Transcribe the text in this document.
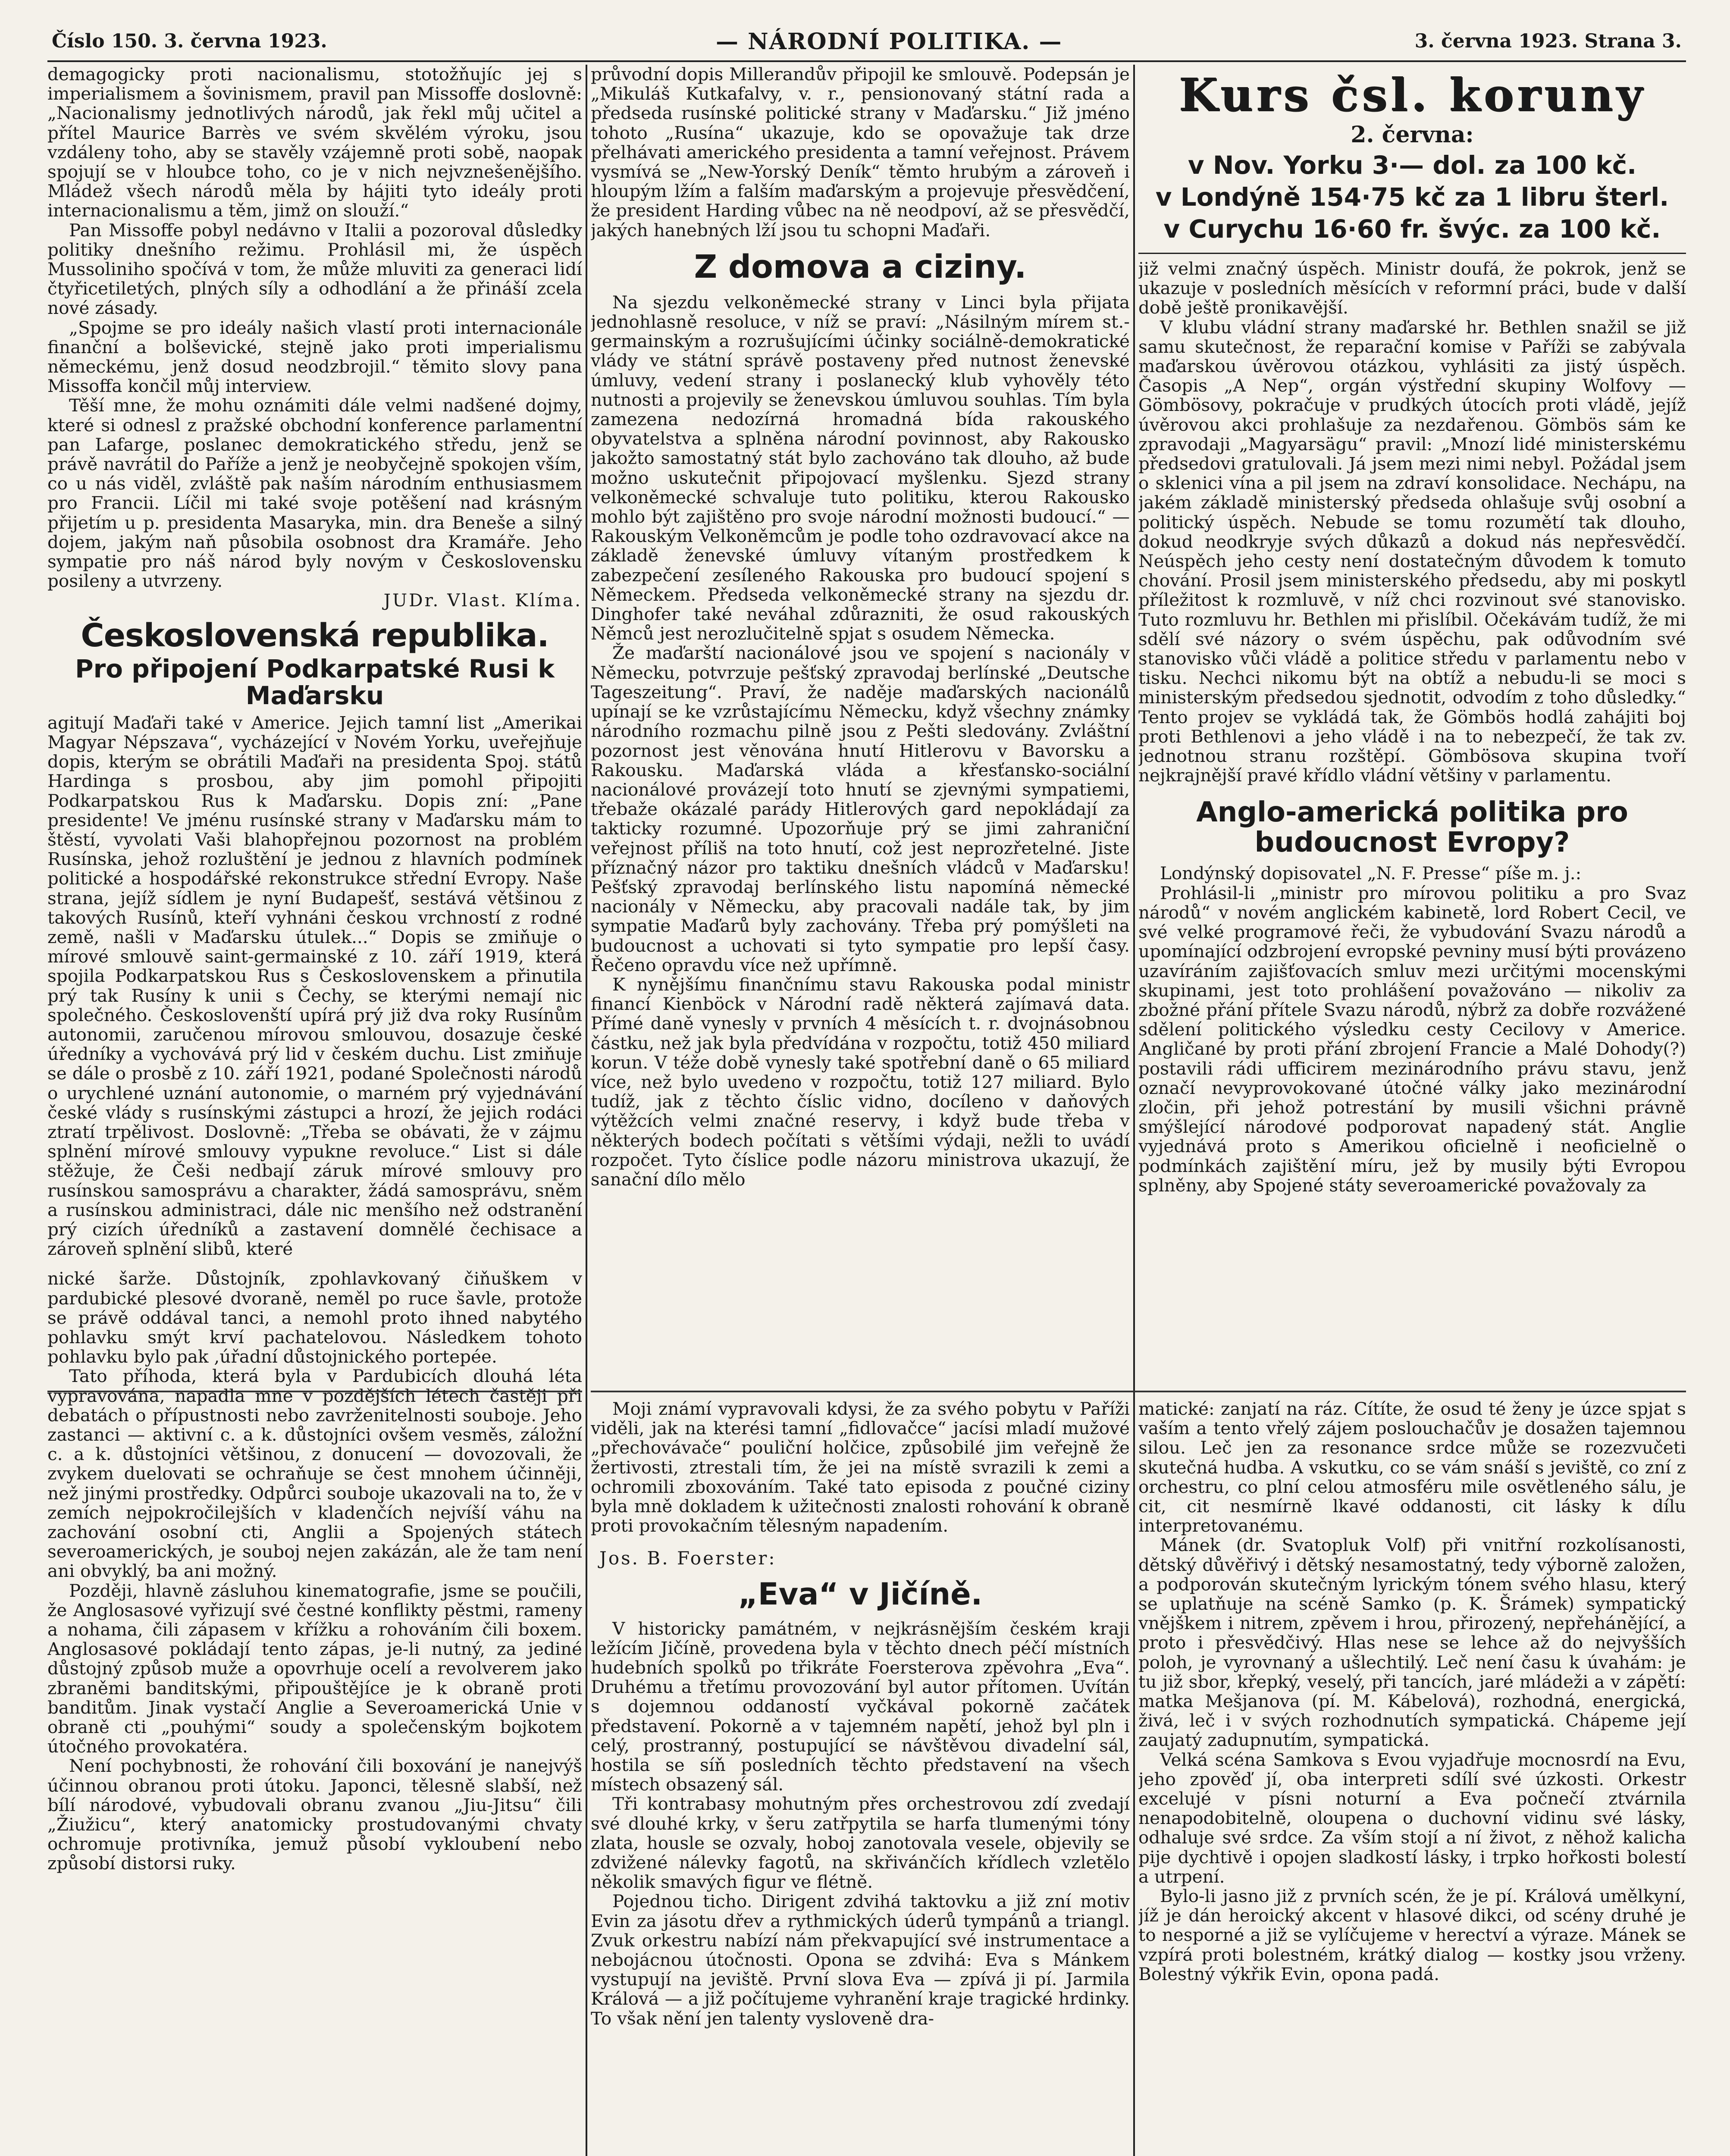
Číslo 150. 3. června 1923.	— NÁRODNÍ POLITIKA. —	3. června 1923. Strana 3.

demagogicky proti nacionalismu, stotožňujíc jej s imperialismem a šovinismem, pravil pan Missoffe doslovně: „Nacionalismy jednotlivých národů, jak řekl můj učitel a přítel Maurice Barrès ve svém skvělém výroku, jsou vzdáleny toho, aby se stavěly vzájemně proti sobě, naopak spojují se v hloubce toho, co je v nich nejvznešenějšího. Mládež všech národů měla by hájiti tyto ideály proti internacionalismu a těm, jimž on slouží.“

Pan Missoffe pobyl nedávno v Italii a pozoroval důsledky politiky dnešního režimu. Prohlásil mi, že úspěch Mussoliniho spočívá v tom, že může mluviti za generaci lidí čtyřicetiletých, plných síly a odhodlání a že přináší zcela nové zásady.

„Spojme se pro ideály našich vlastí proti internacionále finanční a bolševické, stejně jako proti imperialismu německému, jenž dosud neodzbrojil.“ těmito slovy pana Missoffa končil můj interview.

Těší mne, že mohu oznámiti dále velmi nadšené dojmy, které si odnesl z pražské obchodní konference parlamentní pan Lafarge, poslanec demokratického středu, jenž se právě navrátil do Paříže a jenž je neobyčejně spokojen vším, co u nás viděl, zvláště pak naším národním enthusiasmem pro Francii. Líčil mi také svoje potěšení nad krásným přijetím u p. presidenta Masaryka, min. dra Beneše a silný dojem, jakým naň působila osobnost dra Kramáře. Jeho sympatie pro náš národ byly novým v Československu posileny a utvrzeny.

JUDr. Vlast. Klíma.

Československá republika.
Pro připojení Podkarpatské Rusi k Maďarsku

agitují Maďaři také v Americe. Jejich tamní list „Amerikai Magyar Népszava“, vycházející v Novém Yorku, uveřejňuje dopis, kterým se obrátili Maďaři na presidenta Spoj. států Hardinga s prosbou, aby jim pomohl připojiti Podkarpatskou Rus k Maďarsku. Dopis zní: „Pane presidente! Ve jménu rusínské strany v Maďarsku mám to štěstí, vyvolati Vaši blahopřejnou pozornost na problém Rusínska, jehož rozluštění je jednou z hlavních podmínek politické a hospodářské rekonstrukce střední Evropy. Naše strana, jejíž sídlem je nyní Budapešť, sestává většinou z takových Rusínů, kteří vyhnáni českou vrchností z rodné země, našli v Maďarsku útulek...“ Dopis se zmiňuje o mírové smlouvě saint-germainské z 10. září 1919, která spojila Podkarpatskou Rus s Československem a přinutila prý tak Rusíny k unii s Čechy, se kterými nemají nic společného. Českoslovenští upírá prý již dva roky Rusínům autonomii, zaručenou mírovou smlouvou, dosazuje české úředníky a vychovává prý lid v českém duchu. List zmiňuje se dále o prosbě z 10. září 1921, podané Společnosti národů o urychlené uznání autonomie, o marném prý vyjednávání české vlády s rusínskými zástupci a hrozí, že jejich rodáci ztratí trpělivost. Doslovně: „Třeba se obávati, že v zájmu splnění mírové smlouvy vypukne revoluce.“ List si dále stěžuje, že Češi nedbají záruk mírové smlouvy pro rusínskou samosprávu a charakter, žádá samosprávu, sněm a rusínskou administraci, dále nic menšího než odstranění prý cizích úředníků a zastavení domnělé čechisace a zároveň splnění slibů, které

nické šarže. Důstojník, zpohlavkovaný čiňuškem v pardubické plesové dvoraně, neměl po ruce šavle, protože se právě oddával tanci, a nemohl proto ihned nabytého pohlavku smýt krví pachatelovou. Následkem tohoto pohlavku bylo pak ,úřadní důstojnického portepée.

Tato příhoda, která byla v Pardubicích dlouhá léta vypravována, napadla mne v pozdějších létech častěji při debatách o přípustnosti nebo zavrženitelnosti souboje. Jeho zastanci — aktivní c. a k. důstojníci ovšem vesměs, záložní c. a k. důstojníci většinou, z donucení — dovozovali, že zvykem duelovati se ochraňuje se čest mnohem účinněji, než jinými prostředky. Odpůrci soubojе ukazovali na to, že v zemích nejpokročilejších v kladenčích nejvíší váhu na zachování osobní cti, Anglii a Spojených státech severoamerických, je souboj nejen zakázán, ale že tam není ani obvyklý, ba ani možný.

Později, hlavně zásluhou kinematografie, jsme se poučili, že Anglosasové vyřizují své čestné konflikty pěstmi, rameny a nohama, čili zápasem v křížku a rohováním čili boxem. Anglosasové pokládají tento zápas, je-li nutný, za jediné důstojný způsob muže a opovrhuje ocelí a revolverem jako zbraněmi banditskými, připouštějíce je k obraně proti banditům. Jinak vystačí Anglie a Severoamerická Unie v obraně cti „pouhými“ soudy a společenským bojkotem útočného provokatéra.

Není pochybnosti, že rohování čili boxování je nanejvýš účinnou obranou proti útoku. Japonci, tělesně slabší, než bílí národové, vybudovali obranu zvanou „Jiu-Jitsu“ čili „Žiužicu“, který anatomicky prostudovanými chvaty ochromuje protivníka, jemuž působí vykloubení nebo způsobí distorsi ruky.

průvodní dopis Millerandův připojil ke smlouvě. Podepsán je „Mikuláš Kutkafalvy, v. r., pensionovaný státní rada a předseda rusínské politické strany v Maďarsku.“ Již jméno tohoto „Rusína“ ukazuje, kdo se opovažuje tak drze přelhávati amerického presidenta a tamní veřejnost. Právem vysmívá se „New-Yorský Deník“ těmto hrubým a zároveň i hloupým lžím a falším maďarským a projevuje přesvědčení, že president Harding vůbec na ně neodpoví, až se přesvědčí, jakých hanebných lží jsou tu schopni Maďaři.

Z domova a ciziny.

Na sjezdu velkoněmecké strany v Linci byla přijata jednohlasně resoluce, v níž se praví: „Násilným mírem st.-germainským a rozrušujícími účinky sociálně-demokratické vlády ve státní správě postaveny před nutnost ženevské úmluvy, vedení strany i poslanecký klub vyhověly této nutnosti a projevily se ženevskou úmluvou souhlas. Tím byla zamezena nedozírná hromadná bída rakouského obyvatelstva a splněna národní povinnost, aby Rakousko jakožto samostatný stát bylo zachováno tak dlouho, až bude možno uskutečnit připojovací myšlenku. Sjezd strany velkoněmecké schvaluje tuto politiku, kterou Rakousko mohlo být zajištěno pro svoje národní možnosti budoucí.“ — Rakouským Velkoněmcům je podle toho ozdravovací akce na základě ženevské úmluvy vítaným prostředkem k zabezpečení zesíleného Rakouska pro budoucí spojení s Německem. Předseda velkoněmecké strany na sjezdu dr. Dinghofer také neváhal zdůrazniti, že osud rakouských Němců jest nerozlučitelně spjat s osudem Německa.

Že maďarští nacionálové jsou ve spojení s nacionály v Německu, potvrzuje pešťský zpravodaj berlínské „Deutsche Tageszeitung“. Praví, že naděje maďarských nacionálů upínají se ke vzrůstajícímu Německu, když všechny známky národního rozmachu pilně jsou z Pešti sledovány. Zvláštní pozornost jest věnována hnutí Hitlerovu v Bavorsku a Rakousku. Maďarská vláda a křesťansko-sociální nacionálové provázejí toto hnutí se zjevnými sympatiemi, třebaže okázalé parády Hitlerových gard nepokládají za takticky rozumné. Upozorňuje prý se jimi zahraniční veřejnost příliš na toto hnutí, což jest neprozřetelné. Jiste příznačný názor pro taktiku dnešních vládců v Maďarsku! Pešťský zpravodaj berlínského listu napomíná německé nacionály v Německu, aby pracovali nadále tak, by jim sympatie Maďarů byly zachovány. Třeba prý pomýšleti na budoucnost a uchovati si tyto sympatie pro lepší časy. Řečeno opravdu více než upřímně.

K nynějšímu finančnímu stavu Rakouska podal ministr financí Kienböck v Národní radě některá zajímavá data. Přímé daně vynesly v prvních 4 měsících t. r. dvojnásobnou částku, než jak byla předvídána v rozpočtu, totiž 450 miliard korun. V téže době vynesly také spotřební daně o 65 miliard více, než bylo uvedeno v rozpočtu, totiž 127 miliard. Bylo tudíž, jak z těchto číslic vidno, docíleno v daňových výtěžcích velmi značné reservy, i když bude třeba v některých bodech počítati s většími výdaji, nežli to uvádí rozpočet. Tyto číslice podle názoru ministrova ukazují, že sanační dílo mělo

Kurs čsl. koruny
2. června:
v Nov. Yorku 3·— dol. za 100 kč.
v Londýně 154·75 kč za 1 libru šterl.
v Curychu 16·60 fr. švýc. za 100 kč.

již velmi značný úspěch. Ministr doufá, že pokrok, jenž se ukazuje v posledních měsících v reformní práci, bude v další době ještě pronikavější.

V klubu vládní strany maďarské hr. Bethlen snažil se již samu skutečnost, že reparační komise v Paříži se zabývala maďarskou úvěrovou otázkou, vyhlásiti za jistý úspěch. Časopis „A Nep“, orgán výstřední skupiny Wolfovy — Gömbösovy, pokračuje v prudkých útocích proti vládě, jejíž úvěrovou akci prohlašuje za nezdařenou. Gömbös sám ke zpravodaji „Magyarsägu“ pravil: „Mnozí lidé ministerskému předsedovi gratulovali. Já jsem mezi nimi nebyl. Požádal jsem o sklenici vína a pil jsem na zdraví konsolidace. Nechápu, na jakém základě ministerský předseda ohlašuje svůj osobní a politický úspěch. Nebude se tomu rozumětí tak dlouho, dokud neodkryje svých důkazů a dokud nás nepřesvědčí. Neúspěch jeho cesty není dostatečným důvodem k tomuto chování. Prosil jsem ministerského předsedu, aby mi poskytl příležitost k rozmluvě, v níž chci rozvinout své stanovisko. Tuto rozmluvu hr. Bethlen mi přislíbil. Očekávám tudíž, že mi sdělí své názory o svém úspěchu, pak odůvodním své stanovisko vůči vládě a politice středu v parlamentu nebo v tisku. Nechci nikomu být na obtíž a nebudu-li se moci s ministerským předsedou sjednotit, odvodím z toho důsledky.“ Tento projev se vykládá tak, že Gömbös hodlá zahájiti boj proti Bethlenovi a jeho vládě i na to nebezpečí, že tak zv. jednotnou stranu rozštěpí. Gömbösova skupina tvoří nejkrajnější pravé křídlo vládní většiny v parlamentu.

Anglo-americká politika pro budoucnost Evropy?

Londýnský dopisovatel „N. F. Presse“ píše m. j.:

Prohlásil-li „ministr pro mírovou politiku a pro Svaz národů“ v novém anglickém kabinetě, lord Robert Cecil, ve své velké programové řeči, že vybudování Svazu národů a upomínající odzbrojení evropské pevniny musí býti provázeno uzavíráním zajišťovacích smluv mezi určitými mocenskými skupinami, jest toto prohlášení považováno — nikoliv za zbožné přání přítele Svazu národů, nýbrž za dobře rozvážené sdělení politického výsledku cesty Cecilovy v Americe. Angličané by proti přání zbrojení Francie a Malé Dohody(?) postavili rádi ufficirem mezinárodního právu stavu, jenž označí nevyprovokované útočné války jako mezinárodní zločin, při jehož potrestání by musili všichni právně smýšlející národové podporovat napadený stát. Anglie vyjednává proto s Amerikou oficielně i neoficielně o podmínkách zajištění míru, jež by musily býti Evropou splněny, aby Spojené státy severoamerické považovaly za

Moji známí vypravovali kdysi, že za svého pobytu v Paříži viděli, jak na kterési tamní „fidlovačce“ jacísi mladí mužové „přechovávače“ pouliční holčice, způsobilé jim veřejně že žertivosti, ztrestali tím, že jei na místě svrazili k zemi a ochromili zboxováním. Také tato episoda z poučné ciziny byla mně dokladem k užitečnosti znalosti rohování k obraně proti provokačním tělesným napadením.

Jos. B. Foerster:
„Eva“ v Jičíně.

V historicky památném, v nejkrásnějším českém kraji ležícím Jičíně, provedena byla v těchto dnech péčí místních hudebních spolků po třikráte Foersterova zpěvohra „Eva“. Druhému a třetímu provozování byl autor přítomen. Uvítán s dojemnou oddaností vyčkával pokorně začátek představení. Pokorně a v tajemném napětí, jehož byl pln i celý, prostranný, postupující se návštěvou divadelní sál, hostila se síň posledních těchto představení na všech místech obsazený sál.

Tři kontrabasy mohutným přes orchestrovou zdí zvedají své dlouhé krky, v šeru zatřpytila se harfa tlumenými tóny zlata, housle se ozvaly, hoboj zanotovala vesele, objevily se zdvižené nálevky fagotů, na skřivánčích křídlech vzletělo několik smavých figur ve flétně.

Pojednou ticho. Dirigent zdvihá taktovku a již zní motiv Evin za jásotu dřev a rythmických úderů tympánů a triangl. Zvuk orkestru nabízí nám překvapující své instrumentace a nebojácnou útočnosti. Opona se zdvihá: Eva s Mánkem vystupují na jeviště. První slova Eva — zpívá ji pí. Jarmila Králová — a již počítujeme vyhranění kraje tragické hrdinky. To však nění jen talenty vysloveně dra-

matické: zanjatí na ráz. Cítíte, že osud té ženy je úzce spjat s vaším a tento vřelý zájem poslouchačův je dosažen tajemnou silou. Leč jen za resonance srdce může se rozezvučeti skutečná hudba. A vskutku, co se vám snáší s jeviště, co zní z orchestru, co plní celou atmosféru mile osvětleného sálu, je cit, cit nesmírně lkavé oddanosti, cit lásky k dílu interpretovanému.

Mánek (dr. Svatopluk Volf) při vnitřní rozkolísanosti, dětský důvěřivý i dětský nesamostatný, tedy výborně založen, a podporován skutečným lyrickým tónem svého hlasu, který se uplatňuje na scéně Samko (p. K. Šrámek) sympatický vnějškem i nitrem, zpěvem i hrou, přirozený, nepřehánějící, a proto i přesvědčivý. Hlas nese se lehce až do nejvyšších poloh, je vyrovnaný a ušlechtilý. Leč není času k úvahám: je tu již sbor, křepký, veselý, při tancích, jaré mládeži a v zápětí: matka Mešjanova (pí. M. Kábelová), rozhodná, energická, živá, leč i v svých rozhodnutích sympatická. Chápeme její zaujatý zadupnutím, sympatická.

Velká scéna Samkova s Evou vyjadřuje mocnosrdí na Evu, jeho zpověď jí, oba interpreti sdílí své úzkosti. Orkestr excelujé v písni noturní a Eva počnečí ztvárnila nenapodobitelně, oloupena o duchovní vidinu své lásky, odhaluje své srdce. Za vším stojí a ní život, z něhož kalicha pije dychtivě i opojen sladkostí lásky, i trpko hořkosti bolestí a utrpení.

Bylo-li jasno již z prvních scén, že je pí. Králová umělkyní, jíž je dán heroický akcent v hlasové dikci, od scény druhé je to nesporné a již se vylíčujeme v herectví a výraze. Mánek se vzpírá proti bolestném, krátký dialog — kostky jsou vrženy. Bolestný výkřik Evin, opona padá.
